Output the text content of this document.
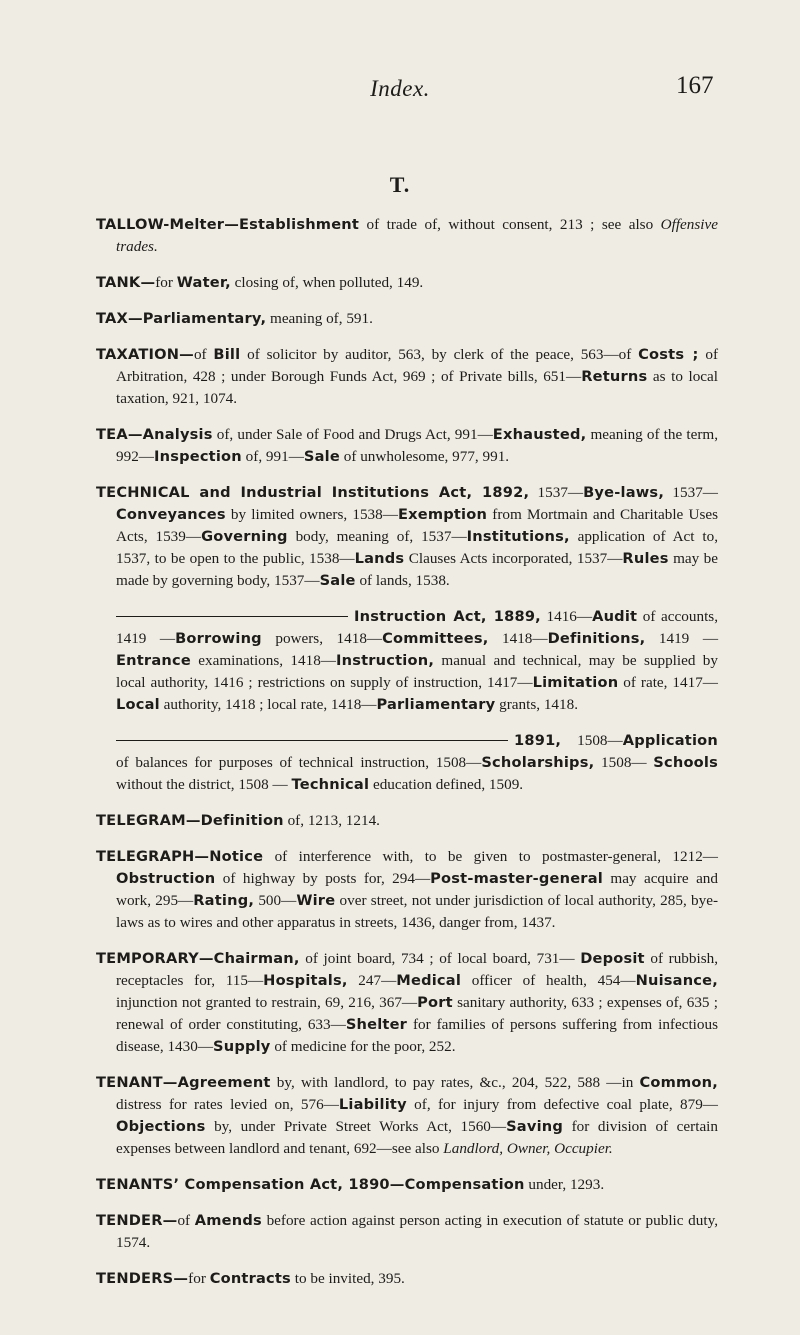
Index.	167
T.

TALLOW-Melter—Establishment of trade of, without consent, 213 ; see also Offensive trades.

TANK—for Water, closing of, when polluted, 149.

TAX—Parliamentary, meaning of, 591.

TAXATION—of Bill of solicitor by auditor, 563, by clerk of the peace, 563—of Costs ; of Arbitration, 428 ; under Borough Funds Act, 969 ; of Private bills, 651—Returns as to local taxation, 921, 1074.

TEA—Analysis of, under Sale of Food and Drugs Act, 991—Exhausted, meaning of the term, 992—Inspection of, 991—Sale of unwholesome, 977, 991.

TECHNICAL and Industrial Institutions Act, 1892, 1537—Bye-laws, 1537—Conveyances by limited owners, 1538—Exemption from Mortmain and Charitable Uses Acts, 1539—Governing body, meaning of, 1537—Institutions, application of Act to, 1537, to be open to the public, 1538—Lands Clauses Acts incorporated, 1537—Rules may be made by governing body, 1537—Sale of lands, 1538.

Instruction Act, 1889, 1416—Audit of accounts, 1419 —Borrowing powers, 1418—Committees, 1418—Definitions, 1419 —Entrance examinations, 1418—Instruction, manual and technical, may be supplied by local authority, 1416 ; restrictions on supply of instruction, 1417—Limitation of rate, 1417—Local authority, 1418 ; local rate, 1418—Parliamentary grants, 1418.

1891, 1508—Application of balances for purposes of technical instruction, 1508—Scholarships, 1508— Schools without the district, 1508 — Technical education defined, 1509.

TELEGRAM—Definition of, 1213, 1214.

TELEGRAPH—Notice of interference with, to be given to postmaster-general, 1212—Obstruction of highway by posts for, 294—Post-master-general may acquire and work, 295—Rating, 500—Wire over street, not under jurisdiction of local authority, 285, bye-laws as to wires and other apparatus in streets, 1436, danger from, 1437.

TEMPORARY—Chairman, of joint board, 734 ; of local board, 731— Deposit of rubbish, receptacles for, 115—Hospitals, 247—Medical officer of health, 454—Nuisance, injunction not granted to restrain, 69, 216, 367—Port sanitary authority, 633 ; expenses of, 635 ; renewal of order constituting, 633—Shelter for families of persons suffering from infectious disease, 1430—Supply of medicine for the poor, 252.

TENANT—Agreement by, with landlord, to pay rates, &c., 204, 522, 588 —in Common, distress for rates levied on, 576—Liability of, for injury from defective coal plate, 879—Objections by, under Private Street Works Act, 1560—Saving for division of certain expenses between landlord and tenant, 692—see also Landlord, Owner, Occupier.

TENANTS’ Compensation Act, 1890—Compensation under, 1293.

TENDER—of Amends before action against person acting in execution of statute or public duty, 1574.

TENDERS—for Contracts to be invited, 395.
